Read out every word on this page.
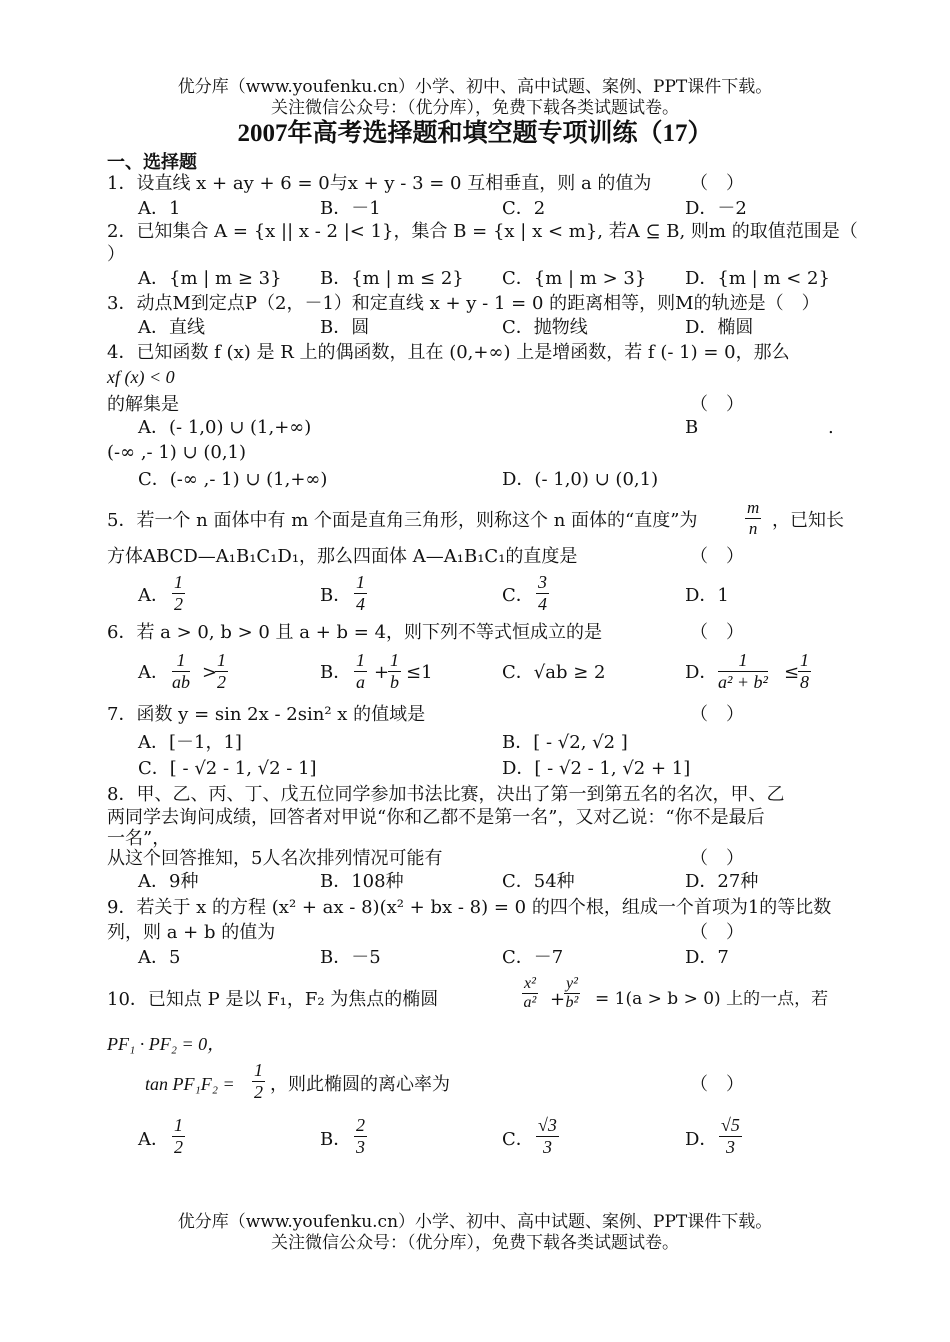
优分库（www.youfenku.cn）小学、初中、高中试题、案例、PPT课件下载。
关注微信公众号：（优分库），免费下载各类试题试卷。
2007年高考选择题和填空题专项训练（17）
一、选择题
1．设直线 x + ay + 6 = 0与x + y - 3 = 0 互相垂直，则 a 的值为 （　）
A．1	B．－1	C．2	D．－2
2．已知集合 A = {x || x - 2 |< 1}，集合 B = {x | x < m}, 若A ⊆ B, 则m 的取值范围是（
）
A．{m | m ≥ 3} B．{m | m ≤ 2} C．{m | m > 3} D．{m | m < 2}
3．动点M到定点P（2，－1）和定直线 x + y - 1 = 0 的距离相等，则M的轨迹是（　）
A．直线	B．圆	C．抛物线	D．椭圆
4．已知函数 f (x) 是 R 上的偶函数，且在 (0,+∞) 上是增函数，若 f (- 1) = 0，那么
xf (x) < 0
的解集是	（　）
A．(- 1,0) ∪ (1,+∞)	B	.
(-∞ ,- 1) ∪ (0,1)
C．(-∞ ,- 1) ∪ (1,+∞)	D．(- 1,0) ∪ (0,1)
5．若一个 n 面体中有 m 个面是直角三角形，则称这个 n 面体的“直度”为	$\frac{m}{n}$ ，已知长
方体ABCD—A₁B₁C₁D₁，那么四面体 A—A₁B₁C₁的直度是	（　）
A． $\frac{1}{2}$	B． $\frac{1}{4}$	C． $\frac{3}{4}$	D．1
6．若 a > 0, b > 0 且 a + b = 4，则下列不等式恒成立的是	（　）
A． $\frac{1}{ab}$ >
$\frac{1}{2}$	B． $\frac{1}{a}$ +
$\frac{1}{b} \le 1$	C．√ab ≥ 2	D． $\frac{1}{\text{a² + b²}}$ ≤
$\frac{1}{8}$
7．函数 y = sin 2x - 2sin² x 的值域是	（　）
A．[－1，1]	B．[ - √2, √2 ]
C．[ - √2 - 1, √2 - 1]	D．[ - √2 - 1, √2 + 1]
8．甲、乙、丙、丁、戊五位同学参加书法比赛，决出了第一到第五名的名次，甲、乙
两同学去询问成绩，回答者对甲说“你和乙都不是第一名”，又对乙说：“你不是最后
一名”，
从这个回答推知，5人名次排列情况可能有	（　）
A．9种	B．108种	C．54种	D．27种
9．若关于 x 的方程 (x² + ax - 8)(x² + bx - 8) = 0 的四个根，组成一个首项为1的等比数
列，则 a + b 的值为	（　）
A．5	B．－5	C．－7	D．7
10．已知点 P 是以 F₁，F₂ 为焦点的椭圆	$\frac{\text{x²}}{\text{a²}}$ +
$\frac{\text{y²}}{\text{b²}} = 1(a > b > 0)$ 上的一点，若
PF₁ · PF₂ = 0，
$\tan PF_1F_2 = \frac{1}{2}$ ，则此椭圆的离心率为	（　）
A． $\frac{1}{2}$	B． $\frac{2}{3}$	C． $\frac{√3}{3}$	D． $\frac{√5}{3}$
优分库（www.youfenku.cn）小学、初中、高中试题、案例、PPT课件下载。
关注微信公众号：（优分库），免费下载各类试题试卷。
